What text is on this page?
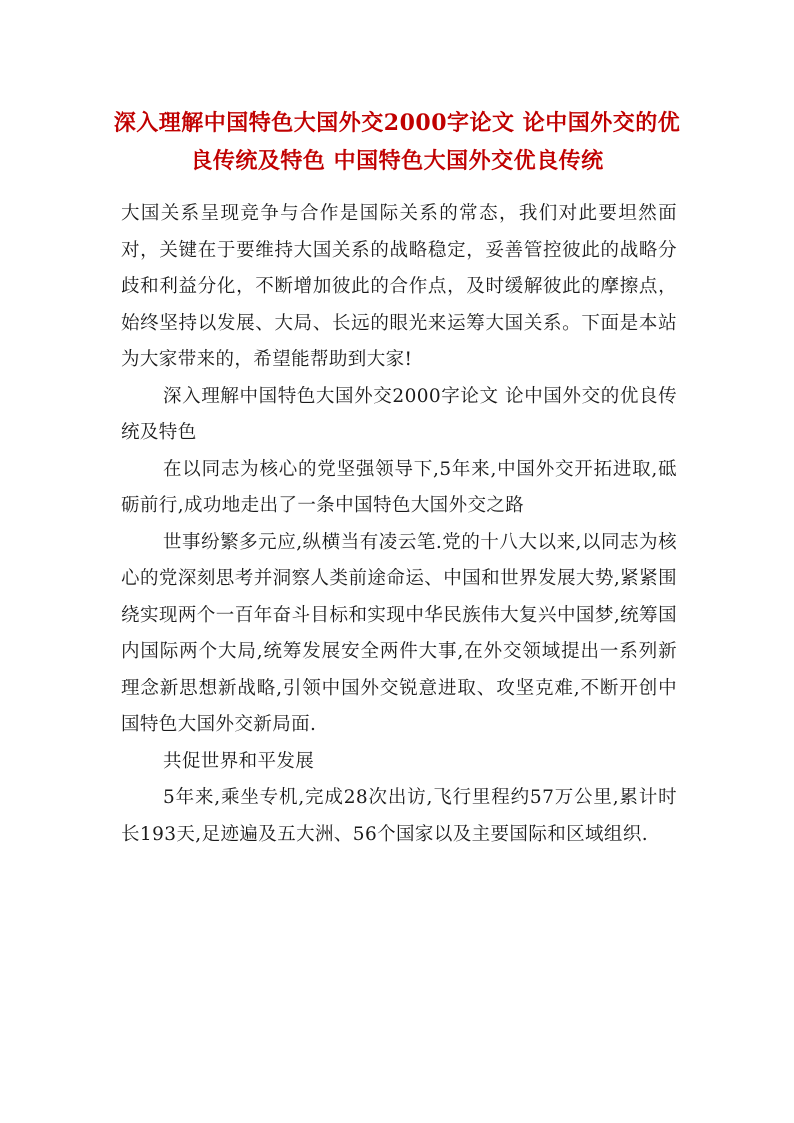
深入理解中国特色大国外交2000字论文 论中国外交的优良传统及特色 中国特色大国外交优良传统

大国关系呈现竞争与合作是国际关系的常态，我们对此要坦然面对，关键在于要维持大国关系的战略稳定，妥善管控彼此的战略分歧和利益分化，不断增加彼此的合作点，及时缓解彼此的摩擦点，始终坚持以发展、大局、长远的眼光来运筹大国关系。下面是本站为大家带来的，希望能帮助到大家!

深入理解中国特色大国外交2000字论文 论中国外交的优良传统及特色

在以同志为核心的党坚强领导下,5年来,中国外交开拓进取,砥砺前行,成功地走出了一条中国特色大国外交之路

世事纷繁多元应,纵横当有凌云笔.党的十八大以来,以同志为核心的党深刻思考并洞察人类前途命运、中国和世界发展大势,紧紧围绕实现两个一百年奋斗目标和实现中华民族伟大复兴中国梦,统筹国内国际两个大局,统筹发展安全两件大事,在外交领域提出一系列新理念新思想新战略,引领中国外交锐意进取、攻坚克难,不断开创中国特色大国外交新局面.

共促世界和平发展

5年来,乘坐专机,完成28次出访,飞行里程约57万公里,累计时长193天,足迹遍及五大洲、56个国家以及主要国际和区域组织.
